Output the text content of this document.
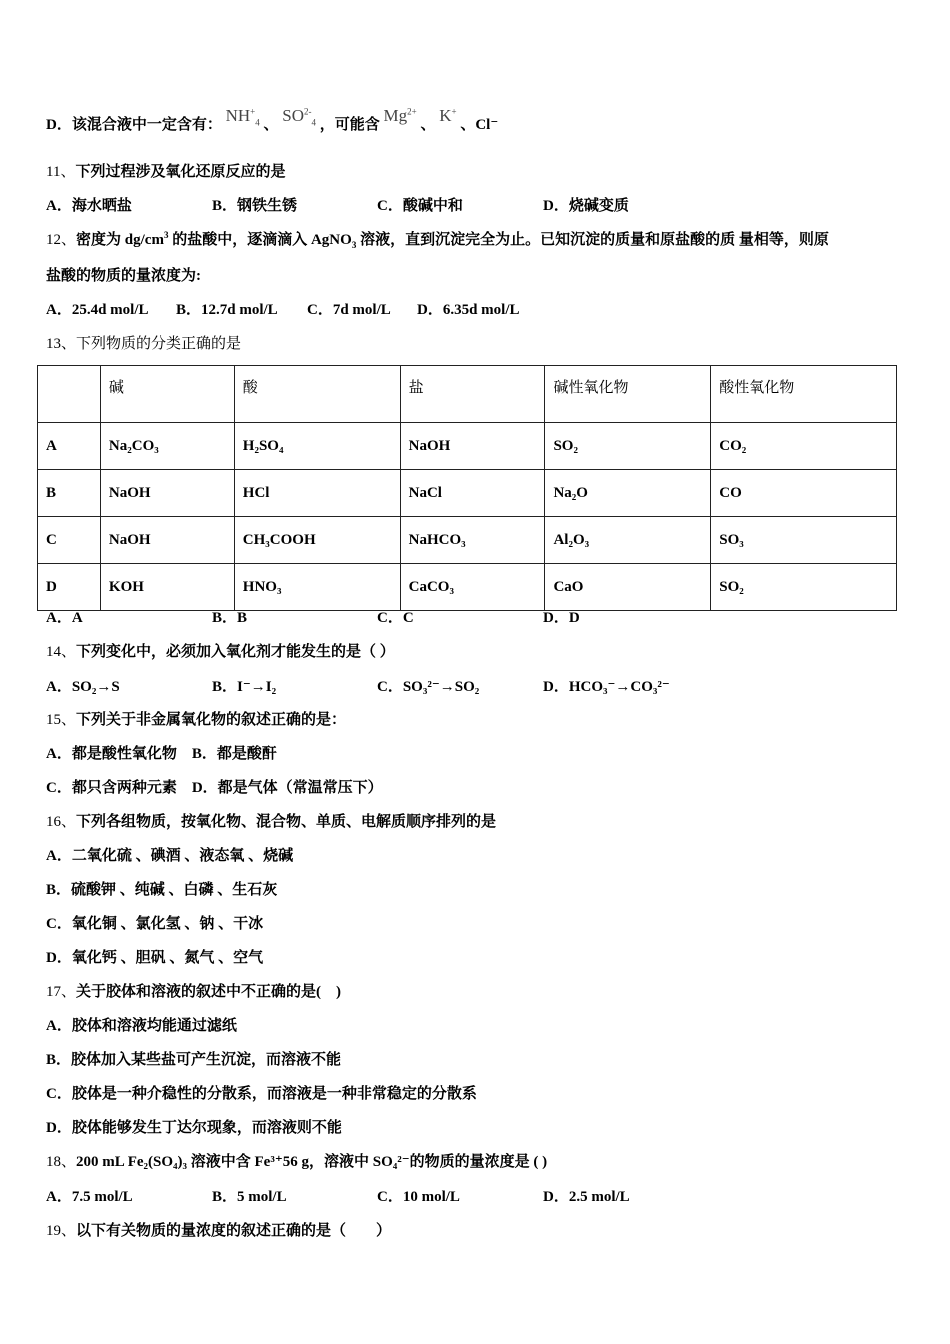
D．该混合液中一定含有： $NH^+_4$ 、 $SO^{2-}_4$ ，可能含 $Mg^{2+}$ 、 K+ 、Cl⁻
11、下列过程涉及氧化还原反应的是
A．海水晒盐	B．钢铁生锈	C．酸碱中和	D．烧碱变质
12、密度为 $dg/cm^3$ 的盐酸中，逐滴滴入 AgNO$_3$ 溶液，直到沉淀完全为止。已知沉淀的质量和原盐酸的质 量相等，则原
盐酸的物质的量浓度为:
A．25.4d mol/L B．12.7d mol/L C．7d mol/L D．6.35d mol/L
13、下列物质的分类正确的是
	碱	酸	盐	碱性氧化物	酸性氧化物
A	Na₂CO₃	H₂SO₄	NaOH	SO₂	CO₂
B	NaOH	HCl	NaCl	Na₂O	CO
C	NaOH	CH₃COOH	NaHCO₃	Al₂O₃	SO₃
D	KOH	HNO₃	CaCO₃	CaO	SO₂
A．A	B．B	C．C	D．D
14、下列变化中，必须加入氧化剂才能发生的是（ ）
A．SO₂→S	B．I⁻→I₂	C．SO₃²⁻→SO₂	D．HCO₃⁻→CO₃²⁻
15、下列关于非金属氧化物的叙述正确的是：
A．都是酸性氧化物　B．都是酸酐
C．都只含两种元素　D．都是气体（常温常压下）
16、下列各组物质，按氧化物、混合物、单质、电解质顺序排列的是
A．二氧化硫 、碘酒 、液态氧 、烧碱
B．硫酸钾 、纯碱 、白磷 、生石灰
C．氧化铜 、氯化氢 、钠 、干冰
D．氧化钙 、胆矾 、氮气 、空气
17、关于胶体和溶液的叙述中不正确的是(　)
A．胶体和溶液均能通过滤纸
B．胶体加入某些盐可产生沉淀，而溶液不能
C．胶体是一种介稳性的分散系，而溶液是一种非常稳定的分散系
D．胶体能够发生丁达尔现象，而溶液则不能
18、200 mL Fe₂(SO₄)₃ 溶液中含 Fe³⁺56 g，溶液中 SO₄²⁻的物质的量浓度是 ( )
A．7.5 mol/L	B．5 mol/L	C．10 mol/L	D．2.5 mol/L
19、以下有关物质的量浓度的叙述正确的是（　　）
